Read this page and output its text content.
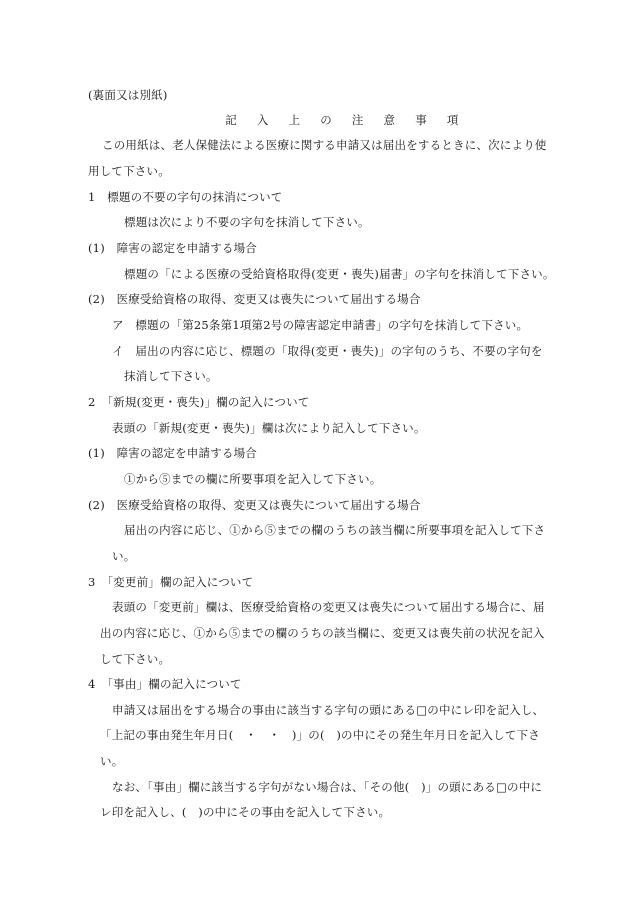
(裏面又は別紙)
記 入 上 の 注 意 事 項
この用紙は、老人保健法による医療に関する申請又は届出をするときに、次により使
用して下さい。
1　標題の不要の字句の抹消について
標題は次により不要の字句を抹消して下さい。
(1)　障害の認定を申請する場合
標題の「による医療の受給資格取得(変更・喪失)届書」の字句を抹消して下さい。
(2)　医療受給資格の取得、変更又は喪失について届出する場合
ア　標題の「第25条第1項第2号の障害認定申請書」の字句を抹消して下さい。
イ　届出の内容に応じ、標題の「取得(変更・喪失)」の字句のうち、不要の字句を
抹消して下さい。
2　「新規(変更・喪失)」欄の記入について
表頭の「新規(変更・喪失)」欄は次により記入して下さい。
(1)　障害の認定を申請する場合
①から⑤までの欄に所要事項を記入して下さい。
(2)　医療受給資格の取得、変更又は喪失について届出する場合
届出の内容に応じ、①から⑤までの欄のうちの該当欄に所要事項を記入して下さ
い。
3　「変更前」欄の記入について
表頭の「変更前」欄は、医療受給資格の変更又は喪失について届出する場合に、届
出の内容に応じ、①から⑤までの欄のうちの該当欄に、変更又は喪失前の状況を記入
して下さい。
4　「事由」欄の記入について
申請又は届出をする場合の事由に該当する字句の頭にある□の中にレ印を記入し、
「上記の事由発生年月日(　・　・　)」の(　)の中にその発生年月日を記入して下さ
い。
なお、「事由」欄に該当する字句がない場合は、「その他(　)」の頭にある□の中に
レ印を記入し、(　)の中にその事由を記入して下さい。
